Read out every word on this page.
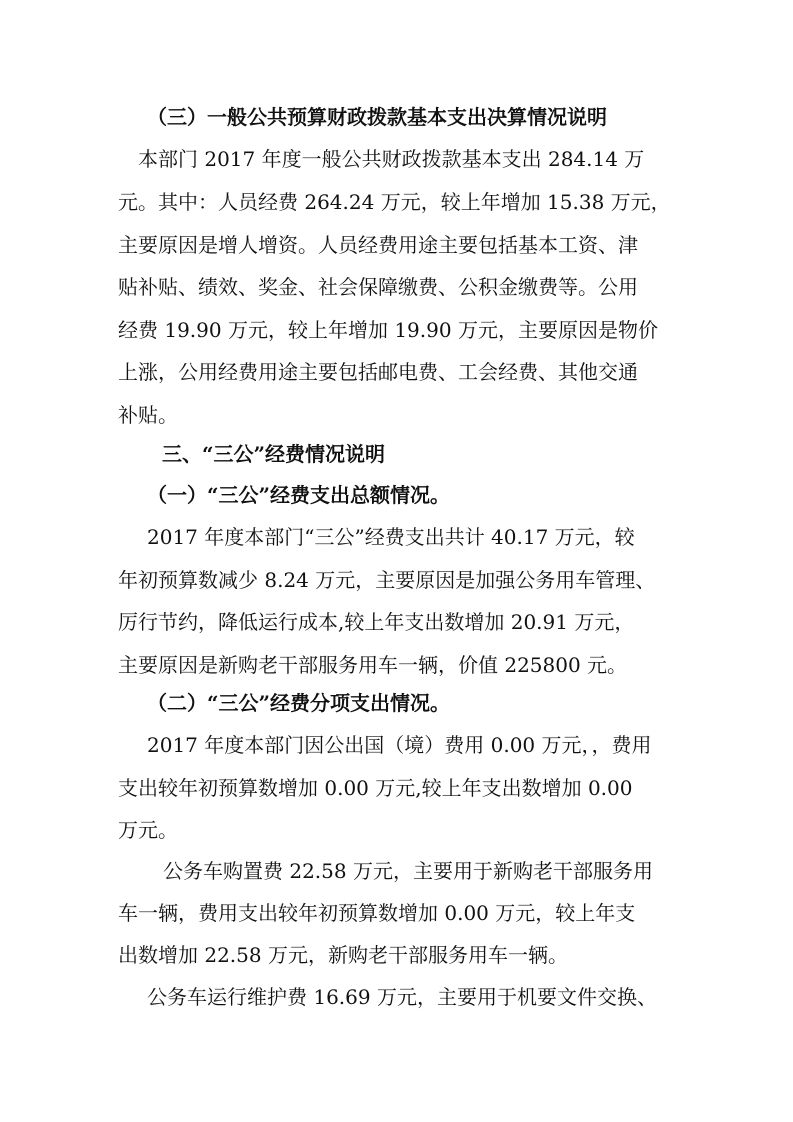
（三）一般公共预算财政拨款基本支出决算情况说明
本部门 2017 年度一般公共财政拨款基本支出 284.14 万
元。其中：人员经费 264.24 万元，较上年增加 15.38 万元，
主要原因是增人增资。人员经费用途主要包括基本工资、津
贴补贴、绩效、奖金、社会保障缴费、公积金缴费等。公用
经费 19.90 万元，较上年增加 19.90 万元，主要原因是物价
上涨，公用经费用途主要包括邮电费、工会经费、其他交通
补贴。
三、“三公”经费情况说明
（一）“三公”经费支出总额情况。
2017 年度本部门“三公”经费支出共计 40.17 万元，较
年初预算数减少 8.24 万元，主要原因是加强公务用车管理、
厉行节约，降低运行成本,较上年支出数增加 20.91 万元，
主要原因是新购老干部服务用车一辆，价值 225800 元。
（二）“三公”经费分项支出情况。
2017 年度本部门因公出国（境）费用 0.00 万元，，费用
支出较年初预算数增加 0.00 万元,较上年支出数增加 0.00
万元。
公务车购置费 22.58 万元，主要用于新购老干部服务用
车一辆，费用支出较年初预算数增加 0.00 万元，较上年支
出数增加 22.58 万元，新购老干部服务用车一辆。
公务车运行维护费 16.69 万元，主要用于机要文件交换、
